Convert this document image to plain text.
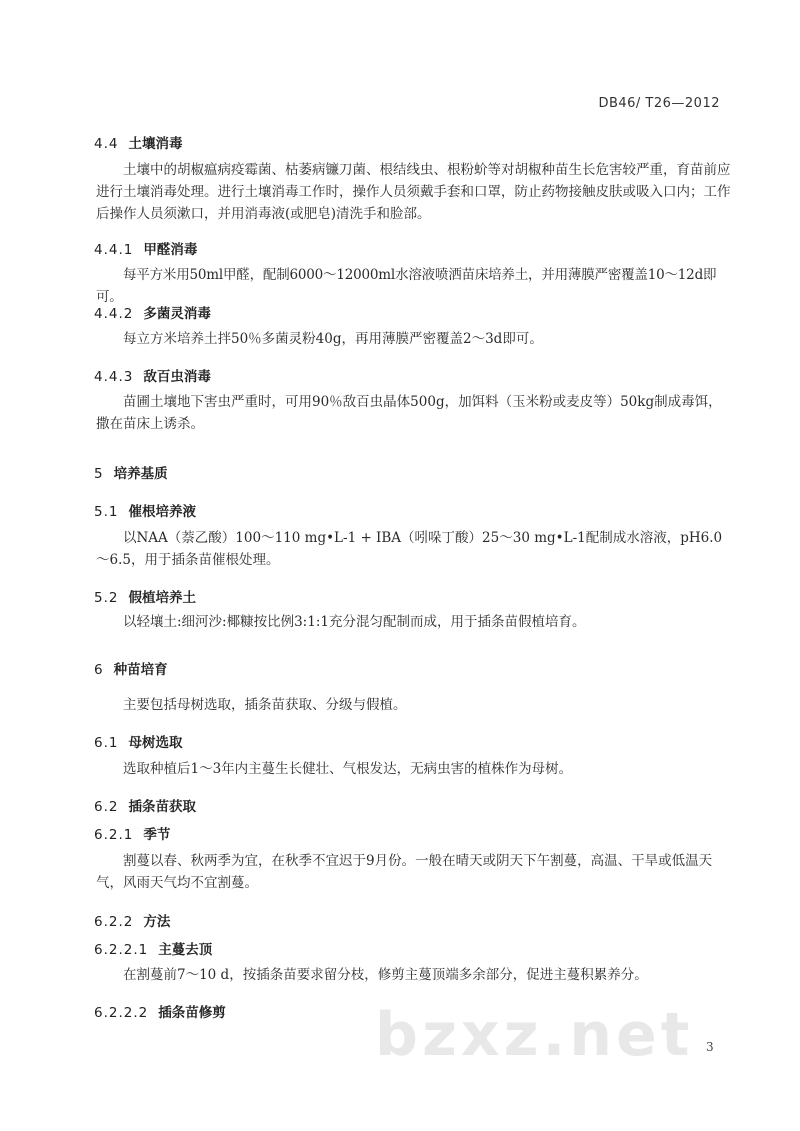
DB46/ T26—2012
4.4 土壤消毒
土壤中的胡椒瘟病疫霉菌、枯萎病镰刀菌、根结线虫、根粉蚧等对胡椒种苗生长危害较严重，育苗前应进行土壤消毒处理。进行土壤消毒工作时，操作人员须戴手套和口罩，防止药物接触皮肤或吸入口内；工作后操作人员须漱口，并用消毒液(或肥皂)清洗手和脸部。
4.4.1 甲醛消毒
每平方米用50ml甲醛，配制6000～12000ml水溶液喷洒苗床培养土，并用薄膜严密覆盖10～12d即可。
4.4.2 多菌灵消毒
每立方米培养土拌50％多菌灵粉40g，再用薄膜严密覆盖2～3d即可。
4.4.3 敌百虫消毒
苗圃土壤地下害虫严重时，可用90％敌百虫晶体500g，加饵料（玉米粉或麦皮等）50kg制成毒饵，撒在苗床上诱杀。
5 培养基质
5.1 催根培养液
以NAA（萘乙酸）100～110 mg•L-1 + IBA（吲哚丁酸）25～30 mg•L-1配制成水溶液，pH6.0～6.5，用于插条苗催根处理。
5.2 假植培养土
以轻壤土:细河沙:椰糠按比例3:1:1充分混匀配制而成，用于插条苗假植培育。
6 种苗培育
主要包括母树选取，插条苗获取、分级与假植。
6.1 母树选取
选取种植后1～3年内主蔓生长健壮、气根发达，无病虫害的植株作为母树。
6.2 插条苗获取
6.2.1 季节
割蔓以春、秋两季为宜，在秋季不宜迟于9月份。一般在晴天或阴天下午割蔓，高温、干旱或低温天气，风雨天气均不宜割蔓。
6.2.2 方法
6.2.2.1 主蔓去顶
在割蔓前7～10 d，按插条苗要求留分枝，修剪主蔓顶端多余部分，促进主蔓积累养分。
6.2.2.2 插条苗修剪 bzxz.net 3
